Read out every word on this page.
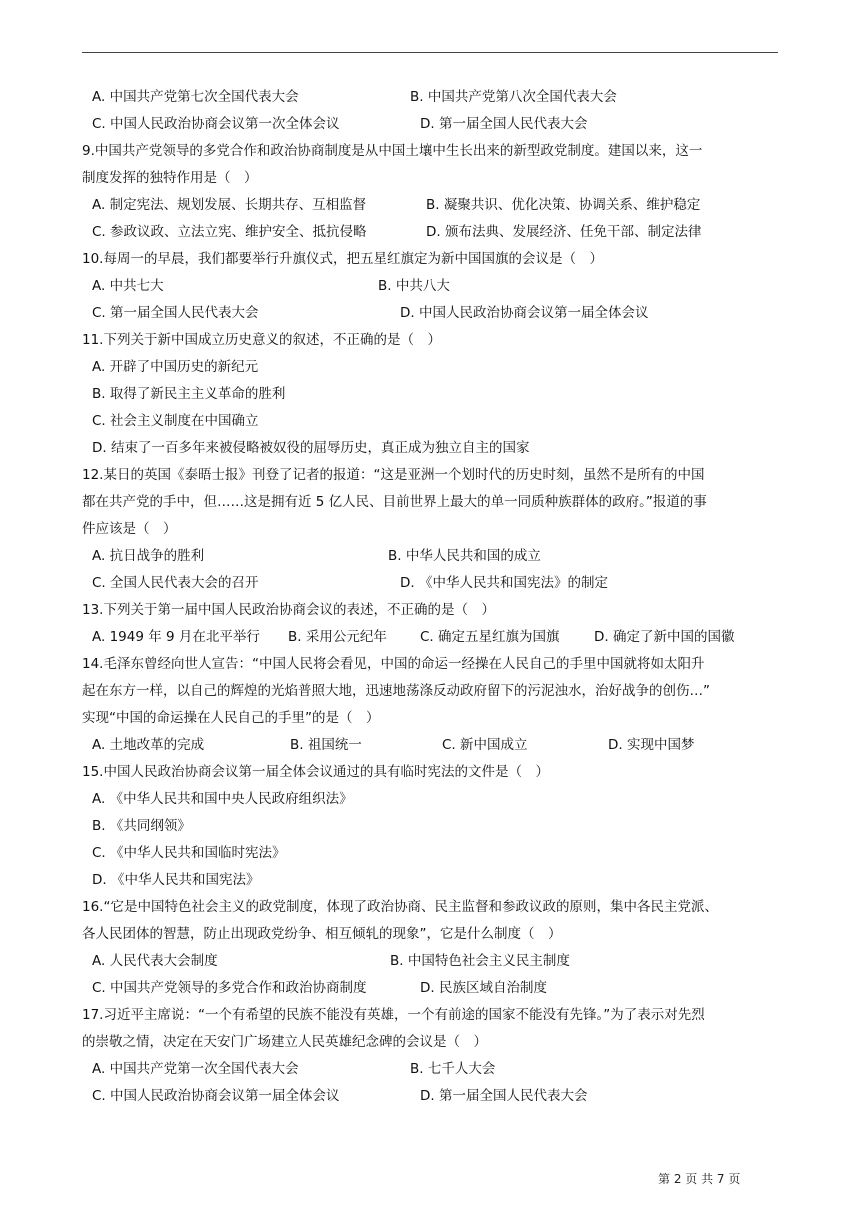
A. 中国共产党第七次全国代表大会	B. 中国共产党第八次全国代表大会
C. 中国人民政治协商会议第一次全体会议	D. 第一届全国人民代表大会
9.中国共产党领导的多党合作和政治协商制度是从中国土壤中生长出来的新型政党制度。建国以来，这一
制度发挥的独特作用是（　）
A. 制定宪法、规划发展、长期共存、互相监督	B. 凝聚共识、优化决策、协调关系、维护稳定
C. 参政议政、立法立宪、维护安全、抵抗侵略	D. 颁布法典、发展经济、任免干部、制定法律
10.每周一的早晨，我们都要举行升旗仪式，把五星红旗定为新中国国旗的会议是（　）
A. 中共七大	B. 中共八大
C. 第一届全国人民代表大会	D. 中国人民政治协商会议第一届全体会议
11.下列关于新中国成立历史意义的叙述，不正确的是（　）
A. 开辟了中国历史的新纪元
B. 取得了新民主主义革命的胜利
C. 社会主义制度在中国确立
D. 结束了一百多年来被侵略被奴役的屈辱历史，真正成为独立自主的国家
12.某日的英国《泰晤士报》刊登了记者的报道：“这是亚洲一个划时代的历史时刻，虽然不是所有的中国
都在共产党的手中，但……这是拥有近 5 亿人民、目前世界上最大的单一同质种族群体的政府。”报道的事
件应该是（　）
A. 抗日战争的胜利	B. 中华人民共和国的成立
C. 全国人民代表大会的召开	D. 《中华人民共和国宪法》的制定
13.下列关于第一届中国人民政治协商会议的表述，不正确的是（　）
A. 1949 年 9 月在北平举行 B. 采用公元纪年 C. 确定五星红旗为国旗	D. 确定了新中国的国徽
14.毛泽东曾经向世人宣告：“中国人民将会看见，中国的命运一经操在人民自己的手里中国就将如太阳升
起在东方一样，以自己的辉煌的光焰普照大地，迅速地荡涤反动政府留下的污泥浊水，治好战争的创伤…”
实现“中国的命运操在人民自己的手里”的是（　）
A. 土地改革的完成	B. 祖国统一	C. 新中国成立	D. 实现中国梦
15.中国人民政治协商会议第一届全体会议通过的具有临时宪法的文件是（　）
A. 《中华人民共和国中央人民政府组织法》
B. 《共同纲领》
C. 《中华人民共和国临时宪法》
D. 《中华人民共和国宪法》
16.“它是中国特色社会主义的政党制度，体现了政治协商、民主监督和参政议政的原则，集中各民主党派、
各人民团体的智慧，防止出现政党纷争、相互倾轧的现象”，它是什么制度（　）
A. 人民代表大会制度	B. 中国特色社会主义民主制度
C. 中国共产党领导的多党合作和政治协商制度	D. 民族区域自治制度
17.习近平主席说：“一个有希望的民族不能没有英雄，一个有前途的国家不能没有先锋。”为了表示对先烈
的崇敬之情，决定在天安门广场建立人民英雄纪念碑的会议是（　）
A. 中国共产党第一次全国代表大会	B. 七千人大会
C. 中国人民政治协商会议第一届全体会议	D. 第一届全国人民代表大会
第 2 页 共 7 页
